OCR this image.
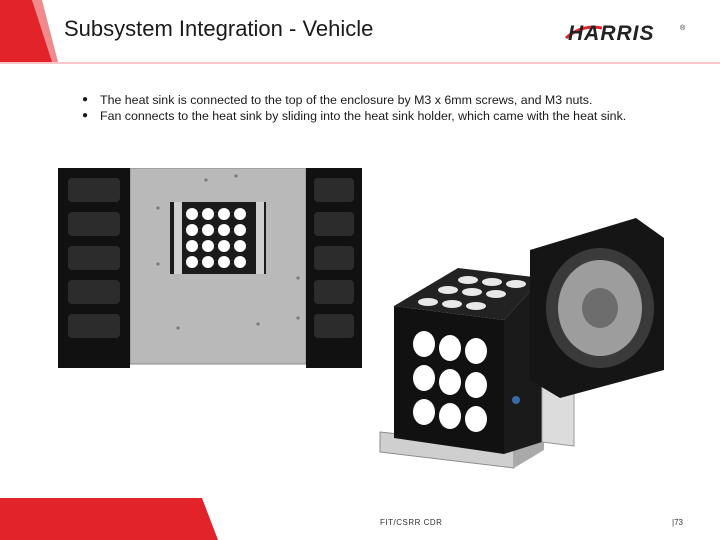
Subsystem Integration - Vehicle	HARRIS	®
● The heat sink is connected to the top of the enclosure by M3 x 6mm screws, and M3 nuts.
● Fan connects to the heat sink by sliding into the heat sink holder, which came with the heat sink.
FIT/CSRR CDR	|73
